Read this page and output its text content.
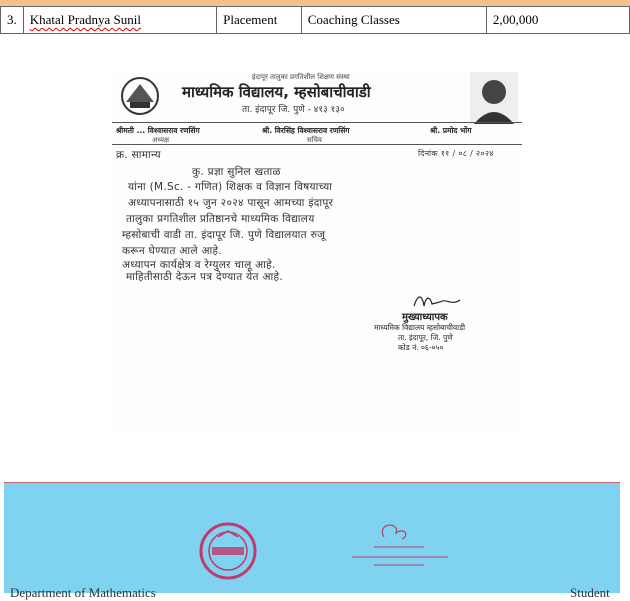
3.	Khatal Pradnya Sunil	Placement	Coaching Classes	2,00,000
इंदापूर तालुका प्रगतिशील शिक्षण संस्था
माध्यमिक विद्यालय, म्हसोबाचीवाडी
ता. इंदापूर जि. पुणे - ४१३ १३०
श्रीमती ... विश्वासराव रणसिंग
अध्यक्ष
श्री. विरसिंह विश्वासराव रणसिंग
सचिव
श्री. प्रमोद भोंग
क्र. सामान्य	दिनांक ११ / ०८ / २०२४
कु. प्रज्ञा सुनिल खताळ
यांना (M.Sc. - गणित) शिक्षक व विज्ञान विषयाच्या
अध्यापनासाठी १५ जुन २०२४ पासून आमच्या इंदापूर
तालुका प्रगतिशील प्रतिष्ठानचे माध्यमिक विद्यालय
म्हसोबाची वाडी ता. इंदापूर जि. पुणे विद्यालयात रुजू
करून घेण्यात आले आहे.
अध्यापन कार्यक्षेत्र व रेग्युलर चालू आहे.
माहितीसाठी देऊन पत्र देण्यात येत आहे.
मुख्याध्यापक
माध्यमिक विद्यालय म्हसोबाचीवाडी
ता. इंदापूर, जि. पुणे
कोड नं. ०६-०५०
Department of Mathematics	Student
